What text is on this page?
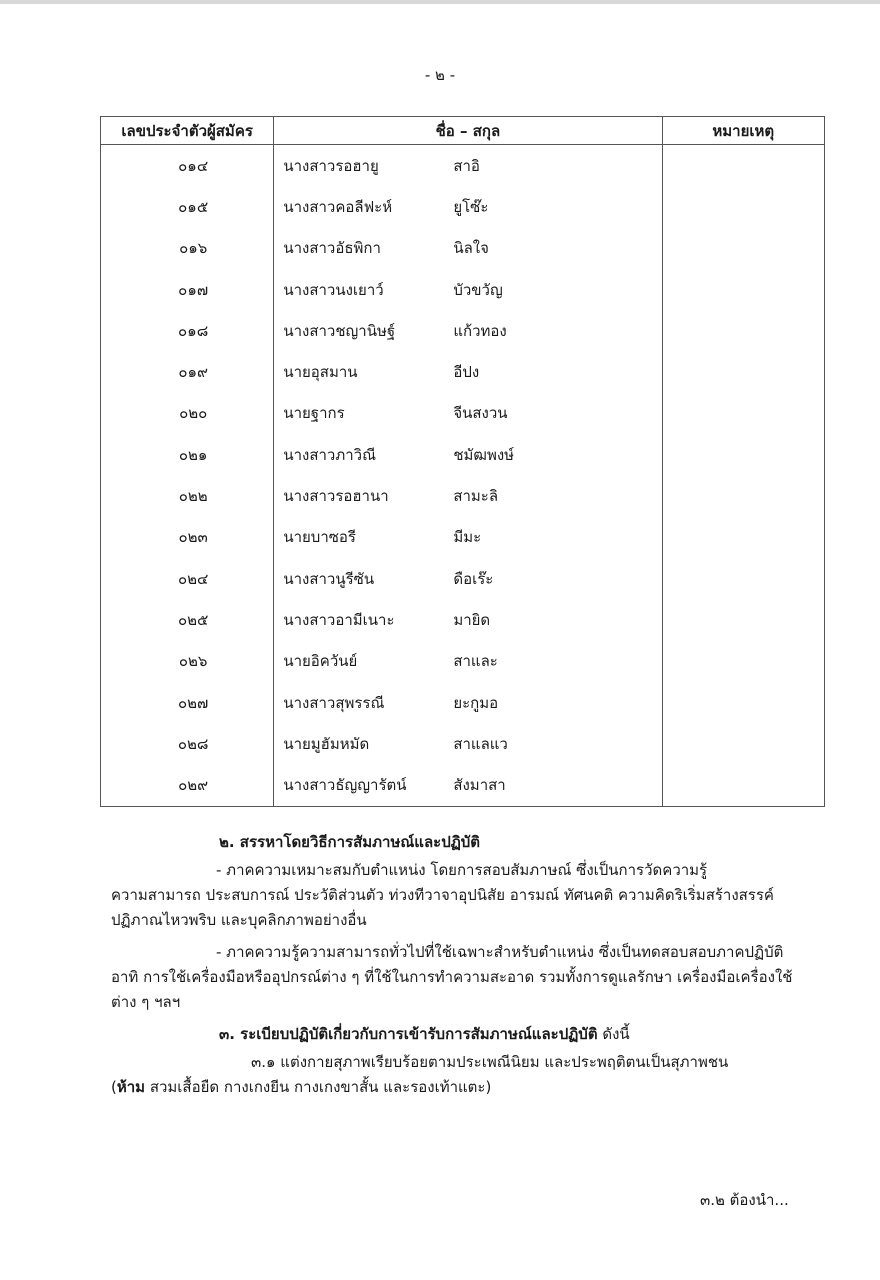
- ๒ -
เลขประจำตัวผู้สมัคร	ชื่อ – สกุล	หมายเหตุ
๐๑๔	นางสาวรอฮายู สาอิ	

๐๑๕	นางสาวคอลีฟะห์ ยูโซ๊ะ	

๐๑๖	นางสาวอัธพิกา นิลใจ	

๐๑๗	นางสาวนงเยาว์ บัวขวัญ	

๐๑๘	นางสาวชญานิษฐ์ แก้วทอง	

๐๑๙	นายอุสมาน อีปง	

๐๒๐	นายฐากร จีนสงวน	

๐๒๑	นางสาวภาวิณี ชมัฒพงษ์	

๐๒๒	นางสาวรอฮานา สามะลิ	

๐๒๓	นายบาซอรี มีมะ	

๐๒๔	นางสาวนูรีซัน ดือเร๊ะ	

๐๒๕	นางสาวอามีเนาะ มายิด	

๐๒๖	นายอิควันย์ สาและ	

๐๒๗	นางสาวสุพรรณี ยะกูมอ	

๐๒๘	นายมูฮัมหมัด สาแลแว	

๐๒๙	นางสาวธัญญารัตน์ สังมาสา	

๒. สรรหาโดยวิธีการสัมภาษณ์และปฏิบัติ
- ภาคความเหมาะสมกับตำแหน่ง โดยการสอบสัมภาษณ์ ซึ่งเป็นการวัดความรู้
ความสามารถ ประสบการณ์ ประวัติส่วนตัว ท่วงทีวาจาอุปนิสัย อารมณ์ ทัศนคติ ความคิดริเริ่มสร้างสรรค์
ปฏิภาณไหวพริบ และบุคลิกภาพอย่างอื่น
- ภาคความรู้ความสามารถทั่วไปที่ใช้เฉพาะสำหรับตำแหน่ง ซึ่งเป็นทดสอบสอบภาคปฏิบัติ
อาทิ การใช้เครื่องมือหรืออุปกรณ์ต่าง ๆ ที่ใช้ในการทำความสะอาด รวมทั้งการดูแลรักษา เครื่องมือเครื่องใช้
ต่าง ๆ ฯลฯ
๓. ระเบียบปฏิบัติเกี่ยวกับการเข้ารับการสัมภาษณ์และปฏิบัติ ดังนี้
๓.๑ แต่งกายสุภาพเรียบร้อยตามประเพณีนิยม และประพฤติตนเป็นสุภาพชน
(ห้าม สวมเสื้อยืด กางเกงยีน กางเกงขาสั้น และรองเท้าแตะ)
๓.๒ ต้องนำ...
